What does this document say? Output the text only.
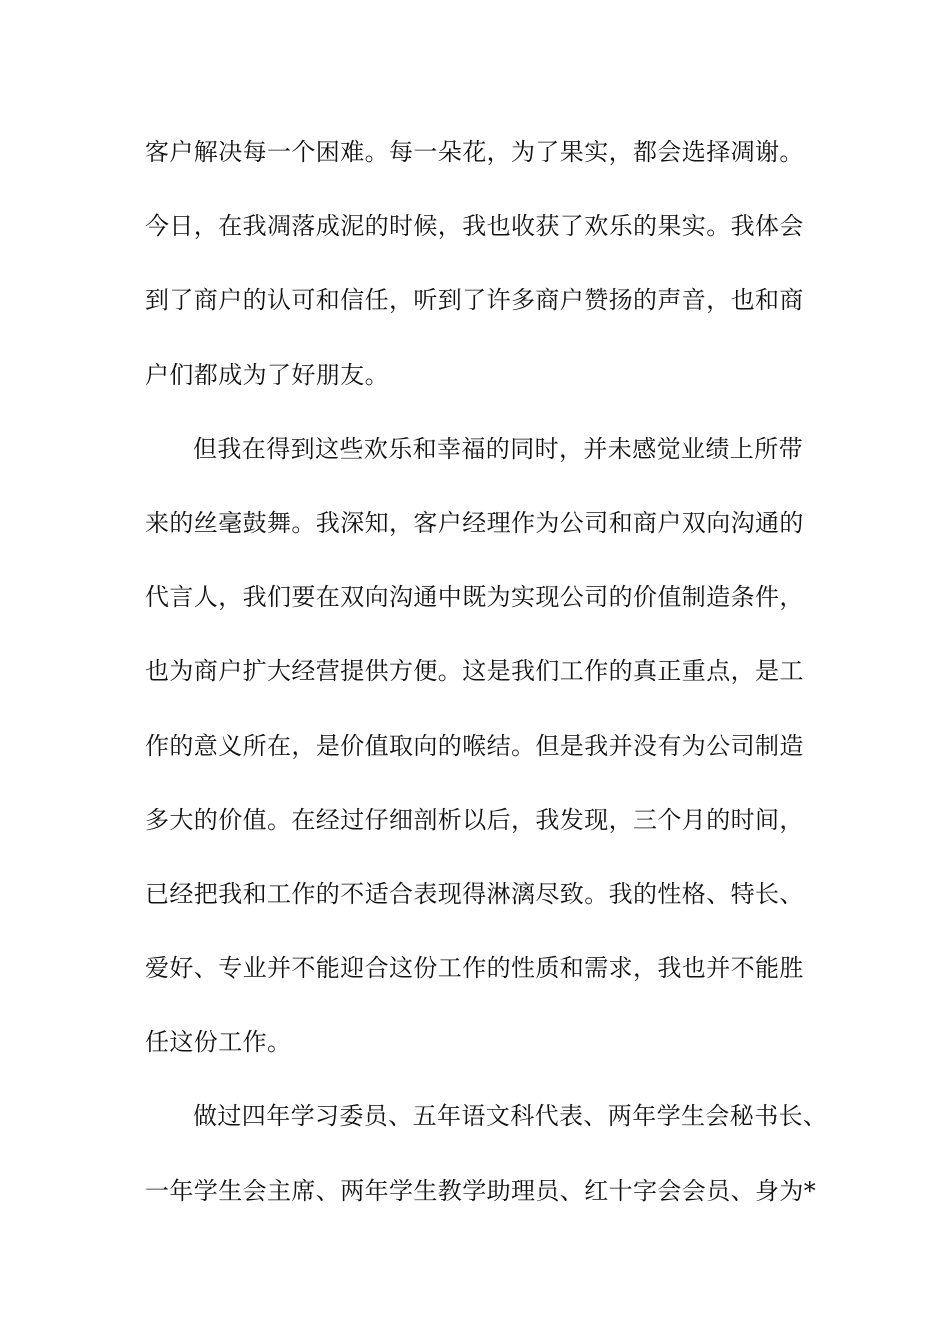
客户解决每一个困难。每一朵花，为了果实，都会选择凋谢。
今日，在我凋落成泥的时候，我也收获了欢乐的果实。我体会
到了商户的认可和信任，听到了许多商户赞扬的声音，也和商
户们都成为了好朋友。
但我在得到这些欢乐和幸福的同时，并未感觉业绩上所带
来的丝毫鼓舞。我深知，客户经理作为公司和商户双向沟通的
代言人，我们要在双向沟通中既为实现公司的价值制造条件，
也为商户扩大经营提供方便。这是我们工作的真正重点，是工
作的意义所在，是价值取向的喉结。但是我并没有为公司制造
多大的价值。在经过仔细剖析以后，我发现，三个月的时间，
已经把我和工作的不适合表现得淋漓尽致。我的性格、特长、
爱好、专业并不能迎合这份工作的性质和需求，我也并不能胜
任这份工作。
做过四年学习委员、五年语文科代表、两年学生会秘书长、
一年学生会主席、两年学生教学助理员、红十字会会员、身为*
